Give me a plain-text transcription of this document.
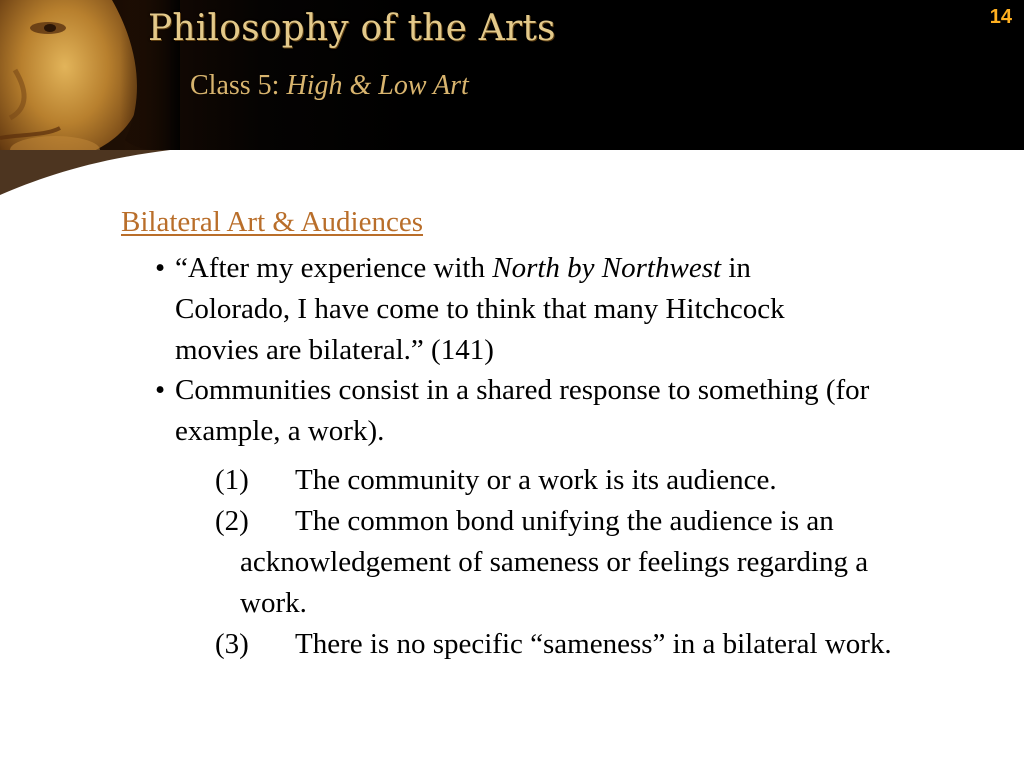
Philosophy of the Arts
Class 5: High & Low Art
14
Bilateral Art & Audiences
• “After my experience with North by Northwest in
Colorado, I have come to think that many Hitchcock
movies are bilateral.” (141)
• Communities consist in a shared response to something (for
example, a work).
(1) The community or a work is its audience.
(2) The common bond unifying the audience is an
acknowledgement of sameness or feelings regarding a
work.
(3) There is no specific “sameness” in a bilateral work.
